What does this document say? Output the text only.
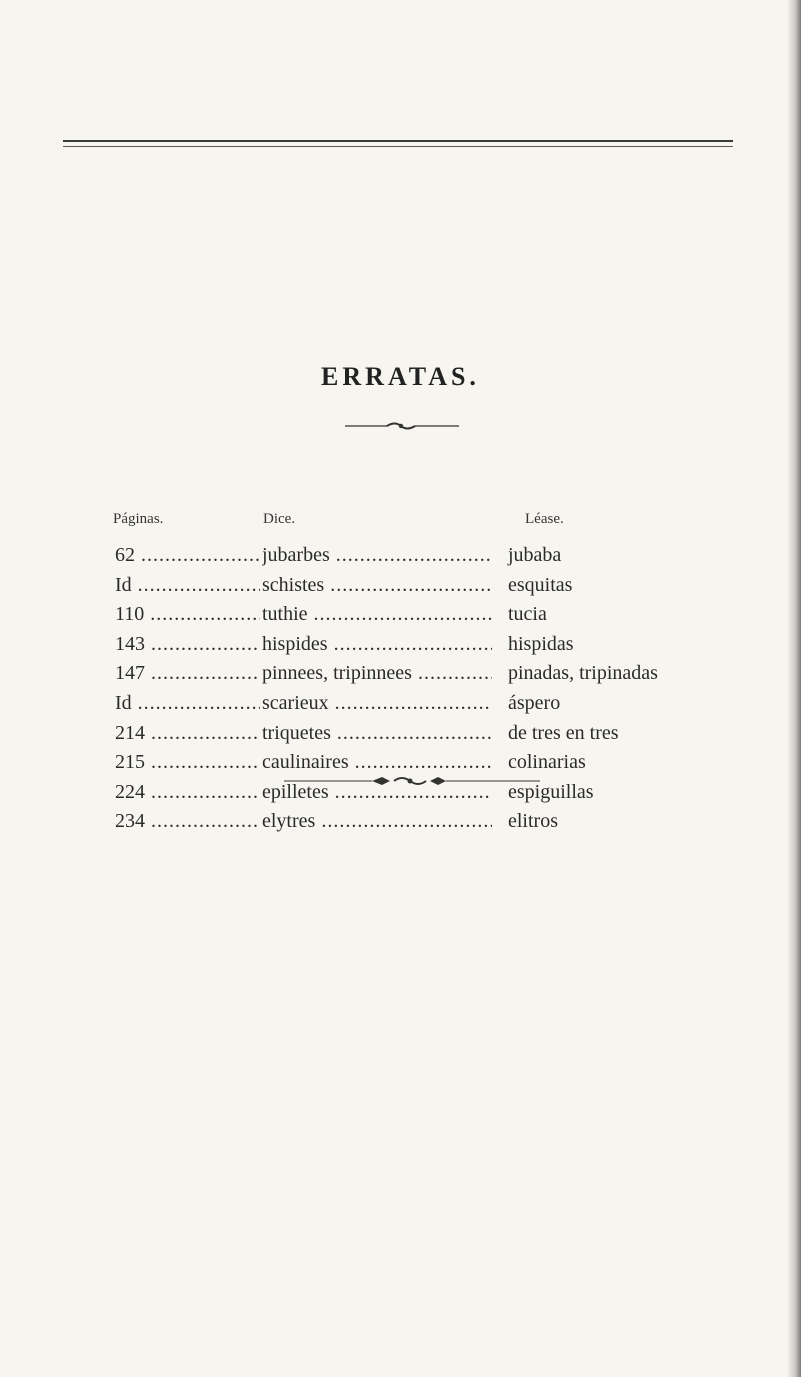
ERRATAS.
Páginas.	Dice.	Léase.
62 .....	jubarbes .....	jubaba
Id .....	schistes .....	esquitas
110 .....	tuthie .....	tucia
143 .....	hispides .....	hispidas
147 .....	pinnees, tripinnees .....	pinadas, tripinadas
Id .....	scarieux .....	áspero
214 .....	triquetes .....	de tres en tres
215 .....	caulinaires .....	colinarias
224 .....	epilletes .....	espiguillas
234 .....	elytres .....	elitros
